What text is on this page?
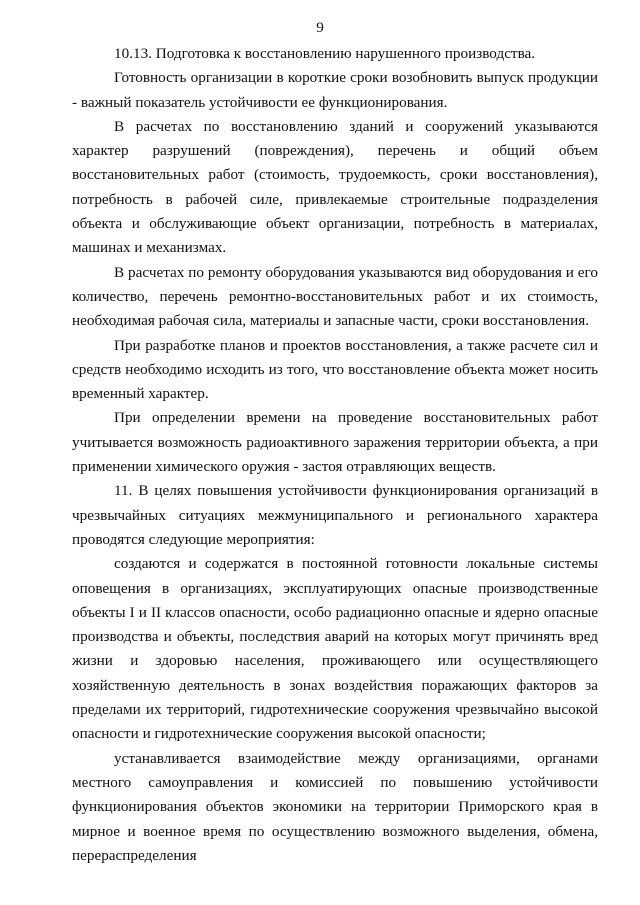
9

10.13. Подготовка к восстановлению нарушенного производства.

Готовность организации в короткие сроки возобновить выпуск продукции - важный показатель устойчивости ее функционирования.

В расчетах по восстановлению зданий и сооружений указываются характер разрушений (повреждения), перечень и общий объем восстановительных работ (стоимость, трудоемкость, сроки восстановления), потребность в рабочей силе, привлекаемые строительные подразделения объекта и обслуживающие объект организации, потребность в материалах, машинах и механизмах.

В расчетах по ремонту оборудования указываются вид оборудования и его количество, перечень ремонтно-восстановительных работ и их стоимость, необходимая рабочая сила, материалы и запасные части, сроки восстановления.

При разработке планов и проектов восстановления, а также расчете сил и средств необходимо исходить из того, что восстановление объекта может носить временный характер.

При определении времени на проведение восстановительных работ учитывается возможность радиоактивного заражения территории объекта, а при применении химического оружия - застоя отравляющих веществ.

11. В целях повышения устойчивости функционирования организаций в чрезвычайных ситуациях межмуниципального и регионального характера проводятся следующие мероприятия:

создаются и содержатся в постоянной готовности локальные системы оповещения в организациях, эксплуатирующих опасные производственные объекты I и II классов опасности, особо радиационно опасные и ядерно опасные производства и объекты, последствия аварий на которых могут причинять вред жизни и здоровью населения, проживающего или осуществляющего хозяйственную деятельность в зонах воздействия поражающих факторов за пределами их территорий, гидротехнические сооружения чрезвычайно высокой опасности и гидротехнические сооружения высокой опасности;

устанавливается взаимодействие между организациями, органами местного самоуправления и комиссией по повышению устойчивости функционирования объектов экономики на территории Приморского края в мирное и военное время по осуществлению возможного выделения, обмена, перераспределения
